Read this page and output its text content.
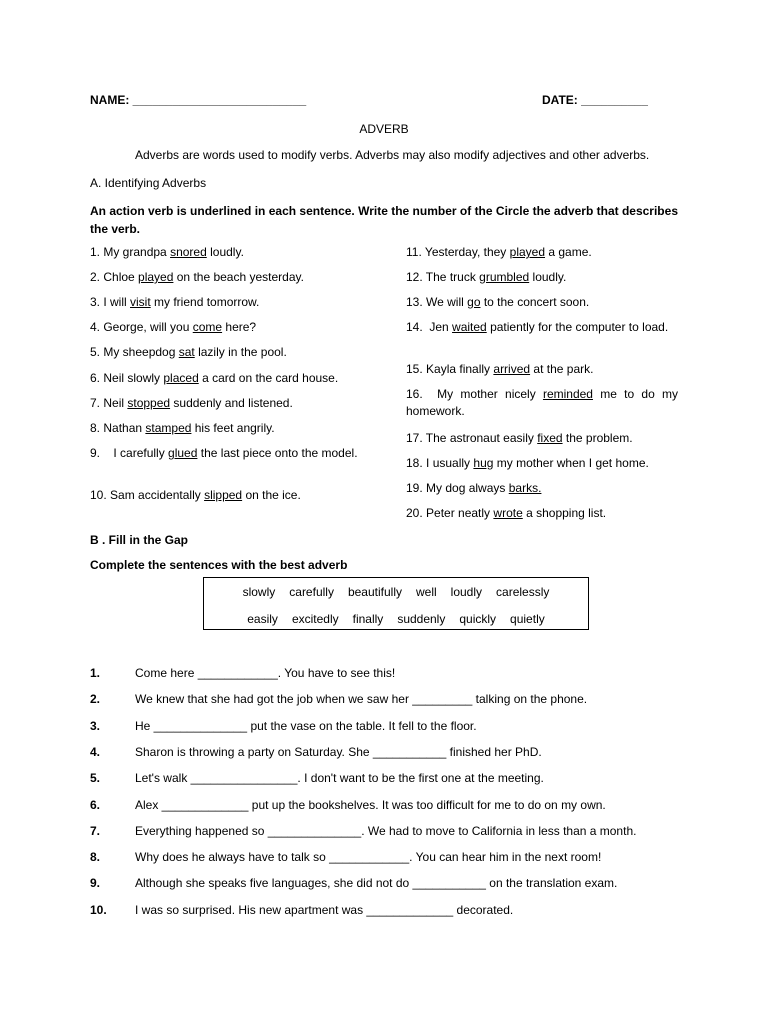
NAME: __________________________	DATE: __________
ADVERB
Adverbs are words used to modify verbs. Adverbs may also modify adjectives and other adverbs.
A. Identifying Adverbs
An action verb is underlined in each sentence. Write the number of the Circle the adverb that describes the verb.
1. My grandpa snored loudly.
2. Chloe played on the beach yesterday.
3. I will visit my friend tomorrow.
4. George, will you come here?
5. My sheepdog sat lazily in the pool.
6. Neil slowly placed a card on the card house.
7. Neil stopped suddenly and listened.
8. Nathan stamped his feet angrily.
9.    I carefully glued the last piece onto the model.
10. Sam accidentally slipped on the ice.
11. Yesterday, they played a game.
12. The truck grumbled loudly.
13. We will go to the concert soon.
14.  Jen waited patiently for the computer to load.
15. Kayla finally arrived at the park.
16.  My mother nicely reminded me to do my homework.
17. The astronaut easily fixed the problem.
18. I usually hug my mother when I get home.
19. My dog always barks.
20. Peter neatly wrote a shopping list.
B . Fill in the Gap
Complete the sentences with the best adverb
slowly carefully beautifully well loudly carelessly
easily excitedly finally suddenly quickly quietly
1.	Come here ____________. You have to see this!
2.	We knew that she had got the job when we saw her _________ talking on the phone.
3.	He ______________ put the vase on the table. It fell to the floor.
4.	Sharon is throwing a party on Saturday. She ___________ finished her PhD.
5.	Let's walk ________________. I don't want to be the first one at the meeting.
6.	Alex _____________ put up the bookshelves. It was too difficult for me to do on my own.
7.	Everything happened so ______________. We had to move to California in less than a month.
8.	Why does he always have to talk so ____________. You can hear him in the next room!
9.	Although she speaks five languages, she did not do ___________ on the translation exam.
10. I was so surprised. His new apartment was _____________ decorated.
